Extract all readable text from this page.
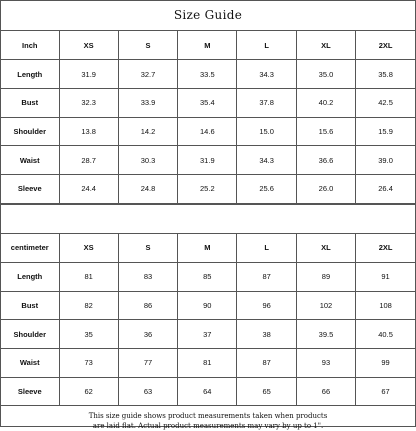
Size Guide
Inch	XS	S	M	L	XL	2XL
Length	31.9	32.7	33.5	34.3	35.0	35.8
Bust	32.3	33.9	35.4	37.8	40.2	42.5
Shoulder	13.8	14.2	14.6	15.0	15.6	15.9
Waist	28.7	30.3	31.9	34.3	36.6	39.0
Sleeve	24.4	24.8	25.2	25.6	26.0	26.4
centimeter	XS	S	M	L	XL	2XL
Length	81	83	85	87	89	91
Bust	82	86	90	96	102	108
Shoulder	35	36	37	38	39.5	40.5
Waist	73	77	81	87	93	99
Sleeve	62	63	64	65	66	67
This size guide shows product measurements taken when products
are laid flat. Actual product measurements may vary by up to 1".
